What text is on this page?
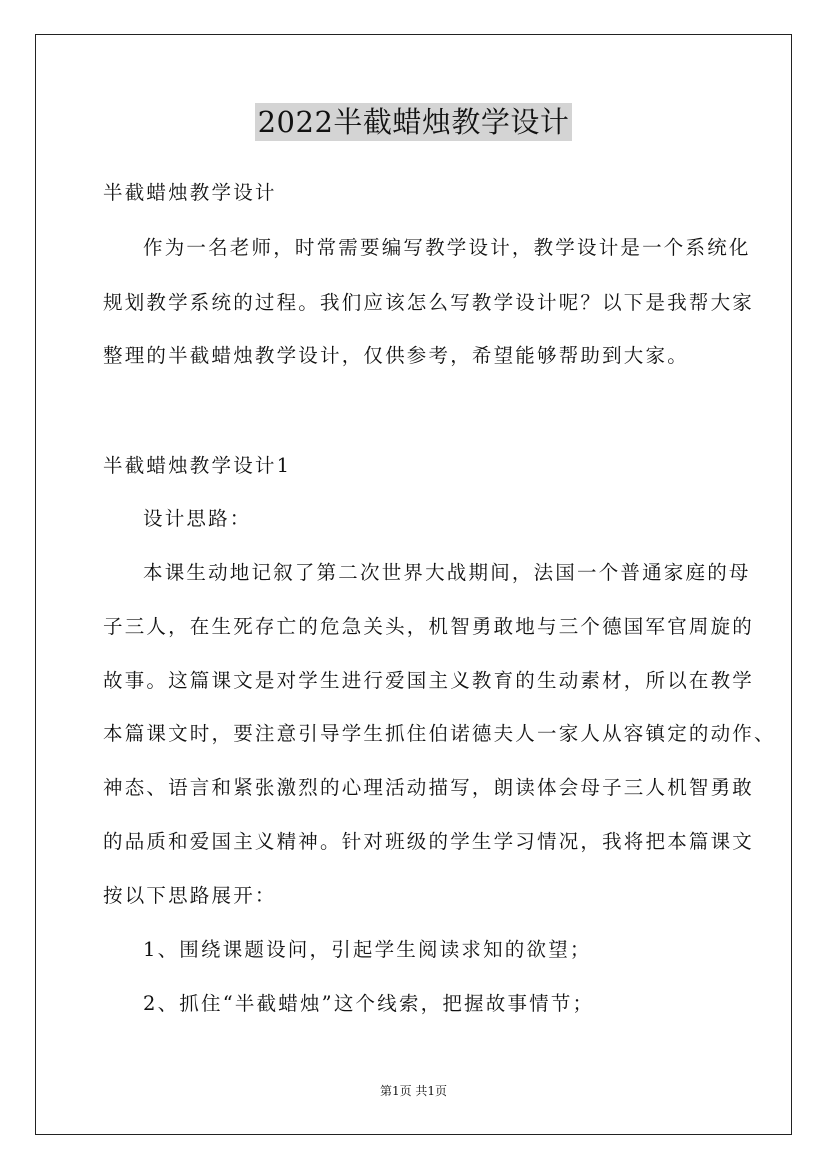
2022半截蜡烛教学设计
半截蜡烛教学设计
作为一名老师，时常需要编写教学设计，教学设计是一个系统化
规划教学系统的过程。我们应该怎么写教学设计呢？以下是我帮大家
整理的半截蜡烛教学设计，仅供参考，希望能够帮助到大家。
半截蜡烛教学设计1
设计思路：
本课生动地记叙了第二次世界大战期间，法国一个普通家庭的母
子三人，在生死存亡的危急关头，机智勇敢地与三个德国军官周旋的
故事。这篇课文是对学生进行爱国主义教育的生动素材，所以在教学
本篇课文时，要注意引导学生抓住伯诺德夫人一家人从容镇定的动作、
神态、语言和紧张激烈的心理活动描写，朗读体会母子三人机智勇敢
的品质和爱国主义精神。针对班级的学生学习情况，我将把本篇课文
按以下思路展开：
1、围绕课题设问，引起学生阅读求知的欲望；
2、抓住“半截蜡烛”这个线索，把握故事情节；
第1页 共1页
